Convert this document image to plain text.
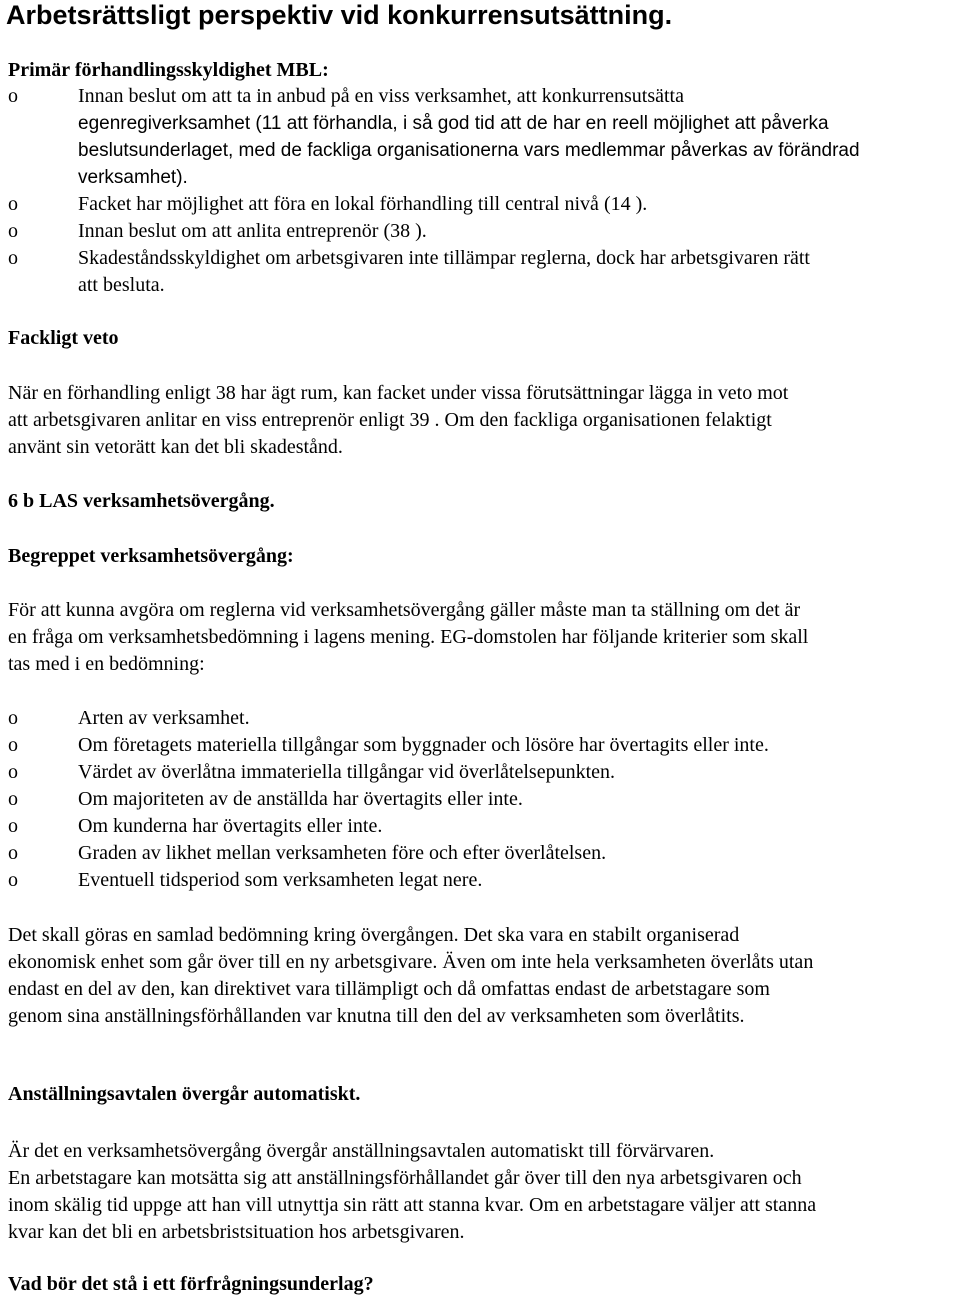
Arbetsrättsligt perspektiv vid konkurrensutsättning.
Primär förhandlingsskyldighet MBL:
o	Innan beslut om att ta in anbud på en viss verksamhet, att konkurrensutsätta
egenregiverksamhet (11 att förhandla, i så god tid att de har en reell möjlighet att påverka
beslutsunderlaget, med de fackliga organisationerna vars medlemmar påverkas av förändrad
verksamhet).
o	Facket har möjlighet att föra en lokal förhandling till central nivå (14 ).
o	Innan beslut om att anlita entreprenör (38 ).
o	Skadeståndsskyldighet om arbetsgivaren inte tillämpar reglerna, dock har arbetsgivaren rätt
att besluta.
Fackligt veto
När en förhandling enligt 38 har ägt rum, kan facket under vissa förutsättningar lägga in veto mot
att arbetsgivaren anlitar en viss entreprenör enligt 39 . Om den fackliga organisationen felaktigt
använt sin vetorätt kan det bli skadestånd.
6 b LAS verksamhetsövergång.
Begreppet verksamhetsövergång:
För att kunna avgöra om reglerna vid verksamhetsövergång gäller måste man ta ställning om det är
en fråga om verksamhetsbedömning i lagens mening. EG-domstolen har följande kriterier som skall
tas med i en bedömning:
o	Arten av verksamhet.
o	Om företagets materiella tillgångar som byggnader och lösöre har övertagits eller inte.
o	Värdet av överlåtna immateriella tillgångar vid överlåtelsepunkten.
o	Om majoriteten av de anställda har övertagits eller inte.
o	Om kunderna har övertagits eller inte.
o	Graden av likhet mellan verksamheten före och efter överlåtelsen.
o	Eventuell tidsperiod som verksamheten legat nere.
Det skall göras en samlad bedömning kring övergången. Det ska vara en stabilt organiserad
ekonomisk enhet som går över till en ny arbetsgivare. Även om inte hela verksamheten överlåts utan
endast en del av den, kan direktivet vara tillämpligt och då omfattas endast de arbetstagare som
genom sina anställningsförhållanden var knutna till den del av verksamheten som överlåtits.
Anställningsavtalen övergår automatiskt.
Är det en verksamhetsövergång övergår anställningsavtalen automatiskt till förvärvaren.
En arbetstagare kan motsätta sig att anställningsförhållandet går över till den nya arbetsgivaren och
inom skälig tid uppge att han vill utnyttja sin rätt att stanna kvar. Om en arbetstagare väljer att stanna
kvar kan det bli en arbetsbristsituation hos arbetsgivaren.
Vad bör det stå i ett förfrågningsunderlag?
